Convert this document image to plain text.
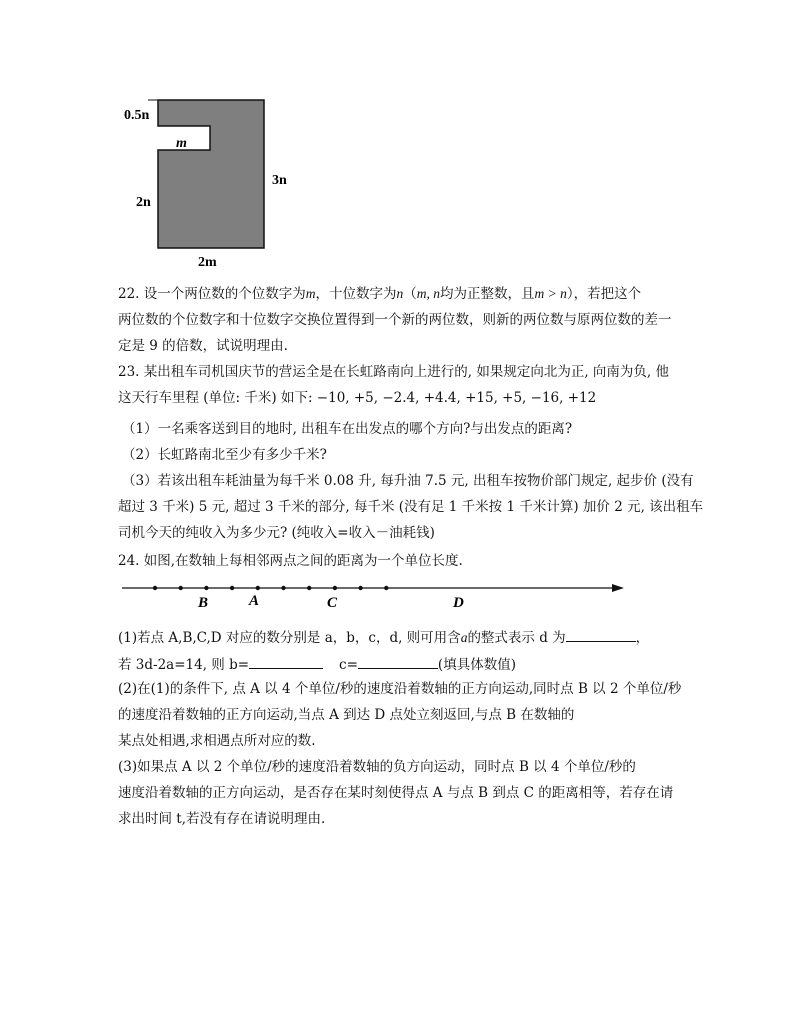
0.5n
m
2n
3n
2m
22. 设一个两位数的个位数字为m，十位数字为n（m, n均为正整数，且m > n），若把这个
两位数的个位数字和十位数字交换位置得到一个新的两位数，则新的两位数与原两位数的差一
定是 9 的倍数，试说明理由.
23. 某出租车司机国庆节的营运全是在长虹路南向上进行的, 如果规定向北为正, 向南为负, 他
这天行车里程 (单位: 千米) 如下: −10, +5, −2.4, +4.4, +15, +5, −16, +12
（1）一名乘客送到目的地时, 出租车在出发点的哪个方向?与出发点的距离?
（2）长虹路南北至少有多少千米?
（3）若该出租车耗油量为每千米 0.08 升, 每升油 7.5 元, 出租车按物价部门规定, 起步价 (没有
超过 3 千米) 5 元, 超过 3 千米的部分, 每千米 (没有足 1 千米按 1 千米计算) 加价 2 元, 该出租车
司机今天的纯收入为多少元? (纯收入=收入－油耗钱)
24. 如图,在数轴上每相邻两点之间的距离为一个单位长度.
B	A	C	D
(1)若点 A,B,C,D 对应的数分别是 a，b，c，d, 则可用含a的整式表示 d 为	，
若 3d-2a=14, 则 b=	c=	(填具体数值)
(2)在(1)的条件下, 点 A 以 4 个单位/秒的速度沿着数轴的正方向运动,同时点 B 以 2 个单位/秒
的速度沿着数轴的正方向运动,当点 A 到达 D 点处立刻返回,与点 B 在数轴的
某点处相遇,求相遇点所对应的数.
(3)如果点 A 以 2 个单位/秒的速度沿着数轴的负方向运动，同时点 B 以 4 个单位/秒的
速度沿着数轴的正方向运动，是否存在某时刻使得点 A 与点 B 到点 C 的距离相等，若存在请
求出时间 t,若没有存在请说明理由.
